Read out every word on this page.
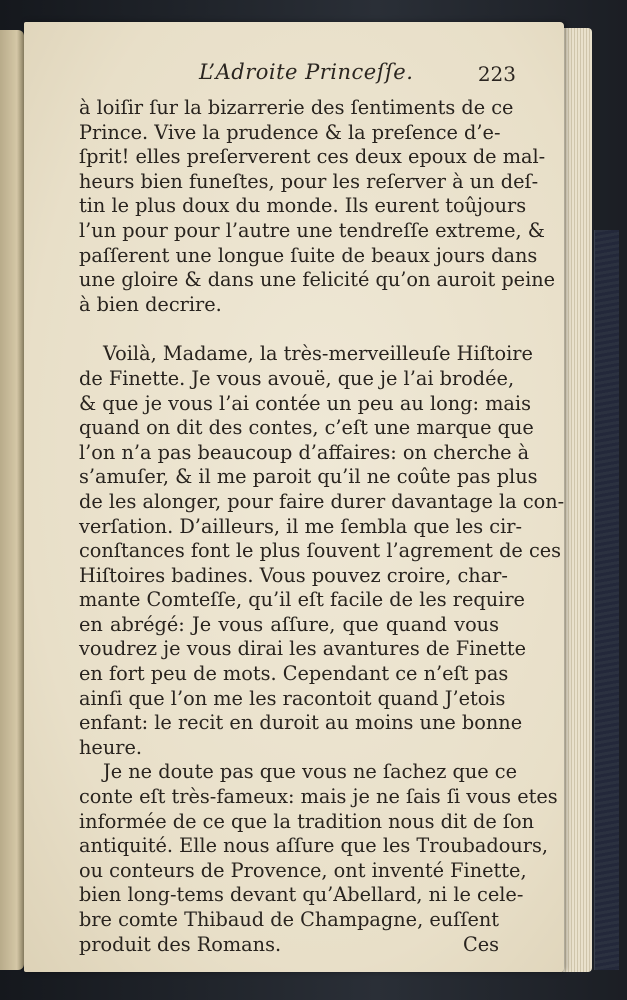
L’Adroite Princeſſe.	223
à loiſir ſur la bizarrerie des ſentiments de ce
Prince. Vive la prudence & la preſence d’e-
ſprit! elles preſerverent ces deux epoux de mal-
heurs bien funeſtes, pour les reſerver à un deſ-
tin le plus doux du monde. Ils eurent toûjours
l’un pour pour l’autre une tendreſſe extreme, &
paſſerent une longue ſuite de beaux jours dans
une gloire & dans une felicité qu’on auroit peine
à bien decrire.
Voilà, Madame, la très-merveilleuſe Hiſtoire
de Finette. Je vous avouë, que je l’ai brodée,
& que je vous l’ai contée un peu au long: mais
quand on dit des contes, c’eſt une marque que
l’on n’a pas beaucoup d’affaires: on cherche à
s’amuſer, & il me paroit qu’il ne coûte pas plus
de les alonger, pour faire durer davantage la con-
verſation. D’ailleurs, il me ſembla que les cir-
conſtances font le plus ſouvent l’agrement de ces
Hiſtoires badines. Vous pouvez croire, char-
mante Comteſſe, qu’il eſt facile de les require
en abrégé: Je vous aſſure, que quand vous
voudrez je vous dirai les avantures de Finette
en fort peu de mots. Cependant ce n’eſt pas
ainſi que l’on me les racontoit quand J’etois
enfant: le recit en duroit au moins une bonne
heure.
Je ne doute pas que vous ne ſachez que ce
conte eſt très-fameux: mais je ne ſais ſi vous etes
informée de ce que la tradition nous dit de ſon
antiquité. Elle nous aſſure que les Troubadours,
ou conteurs de Provence, ont inventé Finette,
bien long-tems devant qu’Abellard, ni le cele-
bre comte Thibaud de Champagne, euſſent
produit des Romans.	Ces
